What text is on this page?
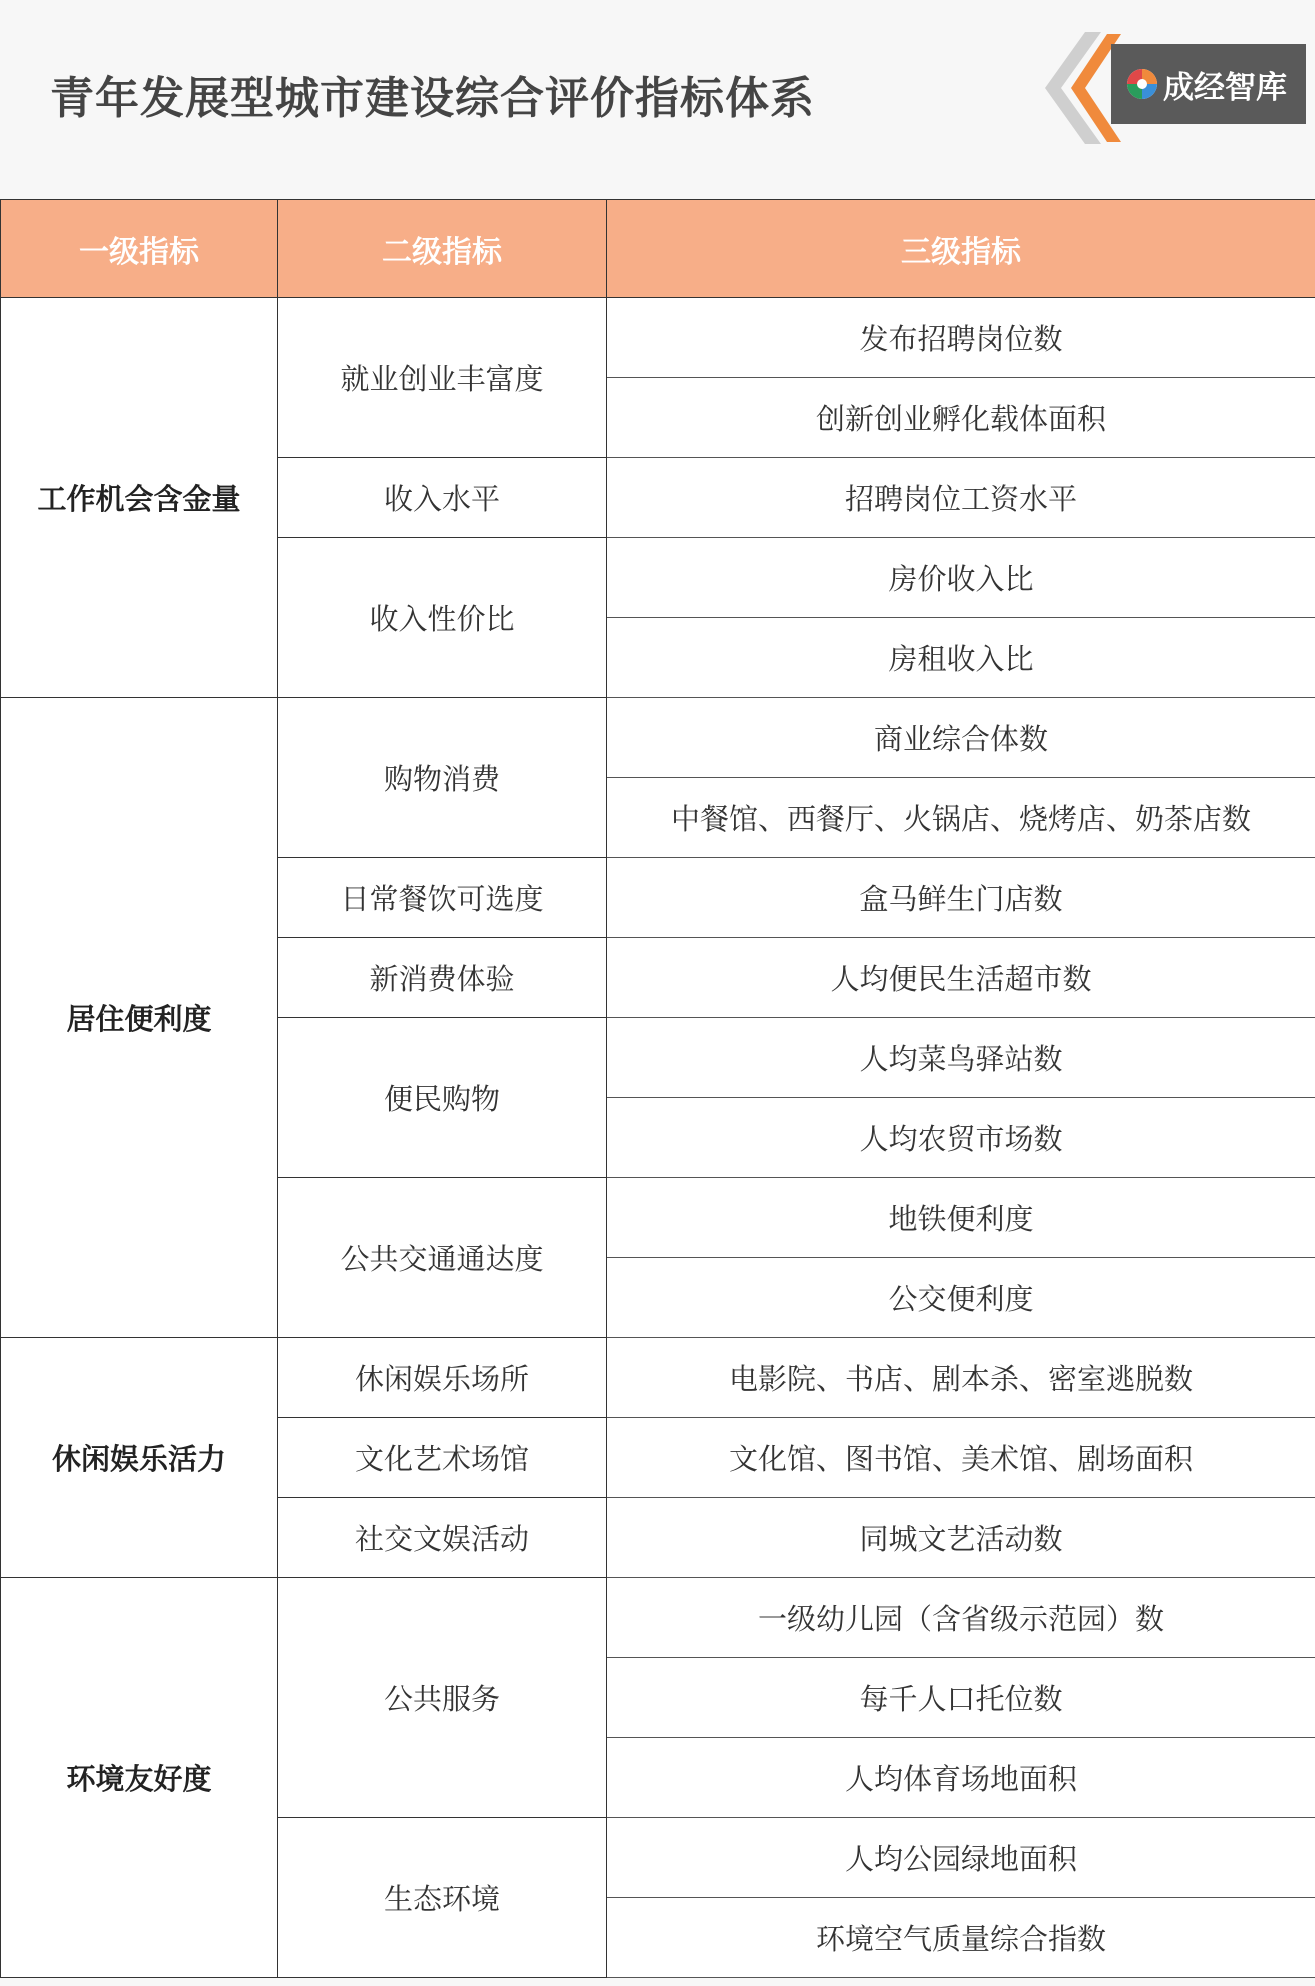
青年发展型城市建设综合评价指标体系	成经智库
一级指标	二级指标	三级指标
工作机会含金量	就业创业丰富度	发布招聘岗位数
		创新创业孵化载体面积
	收入水平	招聘岗位工资水平
	收入性价比	房价收入比
		房租收入比
居住便利度	购物消费	商业综合体数
		中餐馆、西餐厅、火锅店、烧烤店、奶茶店数
	日常餐饮可选度	盒马鲜生门店数
	新消费体验	人均便民生活超市数
	便民购物	人均菜鸟驿站数
		人均农贸市场数
	公共交通通达度	地铁便利度
		公交便利度
休闲娱乐活力	休闲娱乐场所	电影院、书店、剧本杀、密室逃脱数
	文化艺术场馆	文化馆、图书馆、美术馆、剧场面积
	社交文娱活动	同城文艺活动数
环境友好度	公共服务	一级幼儿园（含省级示范园）数
		每千人口托位数
		人均体育场地面积
	生态环境	人均公园绿地面积
		环境空气质量综合指数
